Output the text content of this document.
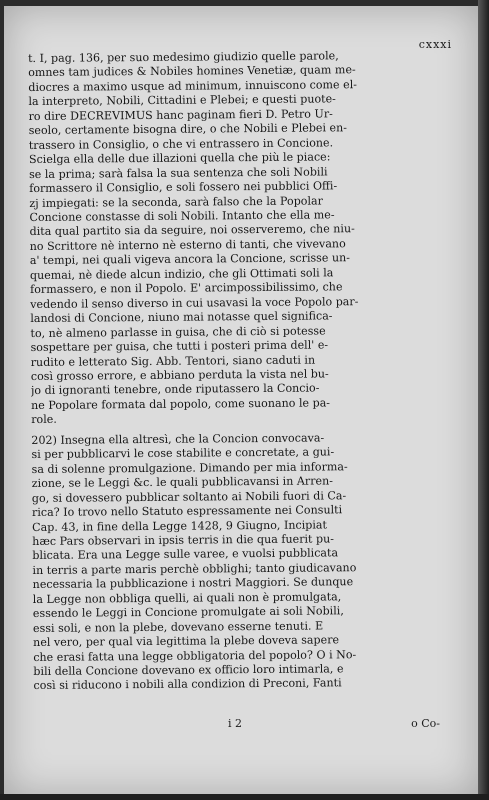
cxxxi
t. I, pag. 136, per suo medesimo giudizio quelle parole,
omnes tam judices & Nobiles homines Venetiæ, quam me-
diocres a maximo usque ad minimum, innuiscono come el-
la interpreto, Nobili, Cittadini e Plebei; e questi puote-
ro dire DECREVIMUS hanc paginam fieri D. Petro Ur-
seolo, certamente bisogna dire, o che Nobili e Plebei en-
trassero in Consiglio, o che vi entrassero in Concione.
Scielga ella delle due illazioni quella che più le piace:
se la prima; sarà falsa la sua sentenza che soli Nobili
formassero il Consiglio, e soli fossero nei pubblici Offi-
zj impiegati: se la seconda, sarà falso che la Popolar
Concione constasse di soli Nobili. Intanto che ella me-
dita qual partito sia da seguire, noi osserveremo, che niu-
no Scrittore nè interno nè esterno di tanti, che vivevano
a' tempi, nei quali vigeva ancora la Concione, scrisse un-
quemai, nè diede alcun indizio, che gli Ottimati soli la
formassero, e non il Popolo. E' arcimpossibilissimo, che
vedendo il senso diverso in cui usavasi la voce Popolo par-
landosi di Concione, niuno mai notasse quel significa-
to, nè almeno parlasse in guisa, che di ciò si potesse
sospettare per guisa, che tutti i posteri prima dell' e-
rudito e letterato Sig. Abb. Tentori, siano caduti in
così grosso errore, e abbiano perduta la vista nel bu-
jo di ignoranti tenebre, onde riputassero la Concio-
ne Popolare formata dal popolo, come suonano le pa-
role.
202) Insegna ella altresì, che la Concion convocava-
si per pubblicarvi le cose stabilite e concretate, a gui-
sa di solenne promulgazione. Dimando per mia informa-
zione, se le Leggi &c. le quali pubblicavansi in Arren-
go, si dovessero pubblicar soltanto ai Nobili fuori di Ca-
rica? Io trovo nello Statuto espressamente nei Consulti
Cap. 43, in fine della Legge 1428, 9 Giugno, Incipiat
hæc Pars observari in ipsis terris in die qua fuerit pu-
blicata. Era una Legge sulle varee, e vuolsi pubblicata
in terris a parte maris perchè obblighi; tanto giudicavano
necessaria la pubblicazione i nostri Maggiori. Se dunque
la Legge non obbliga quelli, ai quali non è promulgata,
essendo le Leggi in Concione promulgate ai soli Nobili,
essi soli, e non la plebe, dovevano esserne tenuti. E
nel vero, per qual via legittima la plebe doveva sapere
che erasi fatta una legge obbligatoria del popolo? O i No-
bili della Concione dovevano ex officio loro intimarla, e
così si riducono i nobili alla condizion di Preconi, Fanti
i 2	o Co-
